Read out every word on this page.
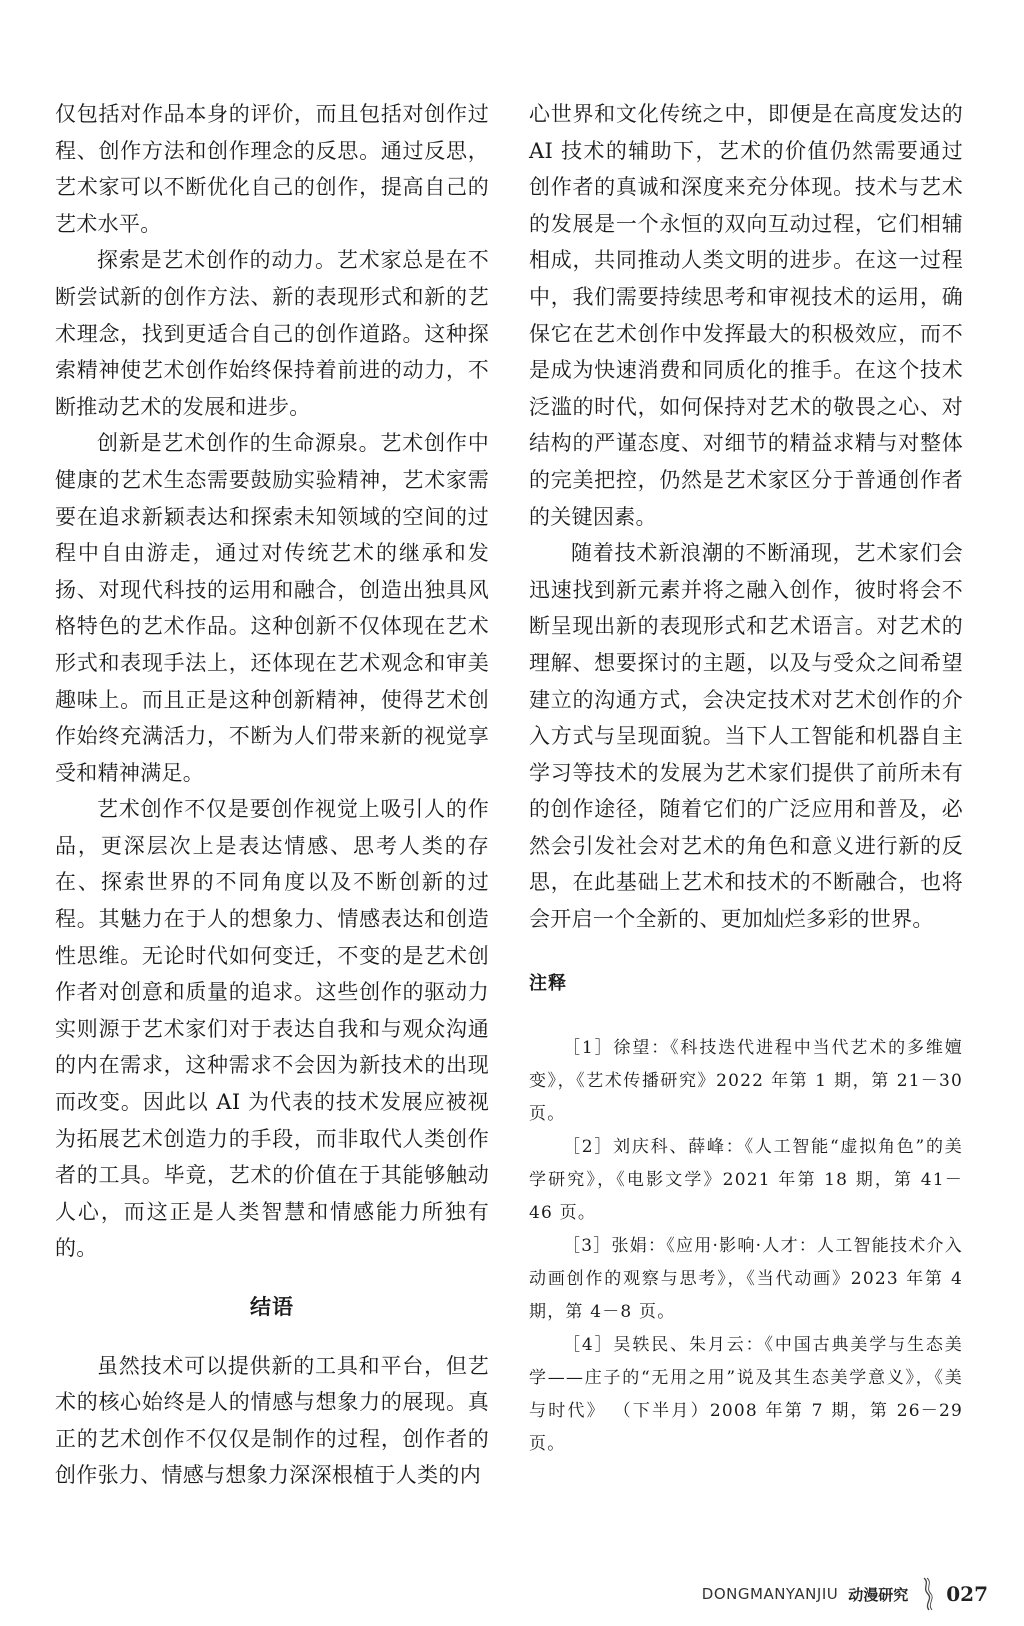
仅包括对作品本身的评价，而且包括对创作过程、创作方法和创作理念的反思。通过反思，艺术家可以不断优化自己的创作，提高自己的艺术水平。

探索是艺术创作的动力。艺术家总是在不断尝试新的创作方法、新的表现形式和新的艺术理念，找到更适合自己的创作道路。这种探索精神使艺术创作始终保持着前进的动力，不断推动艺术的发展和进步。

创新是艺术创作的生命源泉。艺术创作中健康的艺术生态需要鼓励实验精神，艺术家需要在追求新颖表达和探索未知领域的空间的过程中自由游走，通过对传统艺术的继承和发扬、对现代科技的运用和融合，创造出独具风格特色的艺术作品。这种创新不仅体现在艺术形式和表现手法上，还体现在艺术观念和审美趣味上。而且正是这种创新精神，使得艺术创作始终充满活力，不断为人们带来新的视觉享受和精神满足。

艺术创作不仅是要创作视觉上吸引人的作品，更深层次上是表达情感、思考人类的存在、探索世界的不同角度以及不断创新的过程。其魅力在于人的想象力、情感表达和创造性思维。无论时代如何变迁，不变的是艺术创作者对创意和质量的追求。这些创作的驱动力实则源于艺术家们对于表达自我和与观众沟通的内在需求，这种需求不会因为新技术的出现而改变。因此以 AI 为代表的技术发展应被视为拓展艺术创造力的手段，而非取代人类创作者的工具。毕竟，艺术的价值在于其能够触动人心，而这正是人类智慧和情感能力所独有的。

结语

虽然技术可以提供新的工具和平台，但艺术的核心始终是人的情感与想象力的展现。真正的艺术创作不仅仅是制作的过程，创作者的创作张力、情感与想象力深深根植于人类的内

心世界和文化传统之中，即便是在高度发达的 AI 技术的辅助下，艺术的价值仍然需要通过创作者的真诚和深度来充分体现。技术与艺术的发展是一个永恒的双向互动过程，它们相辅相成，共同推动人类文明的进步。在这一过程中，我们需要持续思考和审视技术的运用，确保它在艺术创作中发挥最大的积极效应，而不是成为快速消费和同质化的推手。在这个技术泛滥的时代，如何保持对艺术的敬畏之心、对结构的严谨态度、对细节的精益求精与对整体的完美把控，仍然是艺术家区分于普通创作者的关键因素。

随着技术新浪潮的不断涌现，艺术家们会迅速找到新元素并将之融入创作，彼时将会不断呈现出新的表现形式和艺术语言。对艺术的理解、想要探讨的主题，以及与受众之间希望建立的沟通方式，会决定技术对艺术创作的介入方式与呈现面貌。当下人工智能和机器自主学习等技术的发展为艺术家们提供了前所未有的创作途径，随着它们的广泛应用和普及，必然会引发社会对艺术的角色和意义进行新的反思，在此基础上艺术和技术的不断融合，也将会开启一个全新的、更加灿烂多彩的世界。

注释

［1］徐望：《科技迭代进程中当代艺术的多维嬗变》，《艺术传播研究》2022 年第 1 期，第 21－30 页。

［2］刘庆科、薛峰：《人工智能“虚拟角色”的美学研究》，《电影文学》2021 年第 18 期，第 41－46 页。

［3］张娟：《应用·影响·人才：人工智能技术介入动画创作的观察与思考》，《当代动画》2023 年第 4 期，第 4－8 页。

［4］吴轶民、朱月云：《中国古典美学与生态美学——庄子的“无用之用”说及其生态美学意义》，《美与时代》 （下半月）2008 年第 7 期，第 26－29 页。

DONGMANYANJIU 动漫研究 027
